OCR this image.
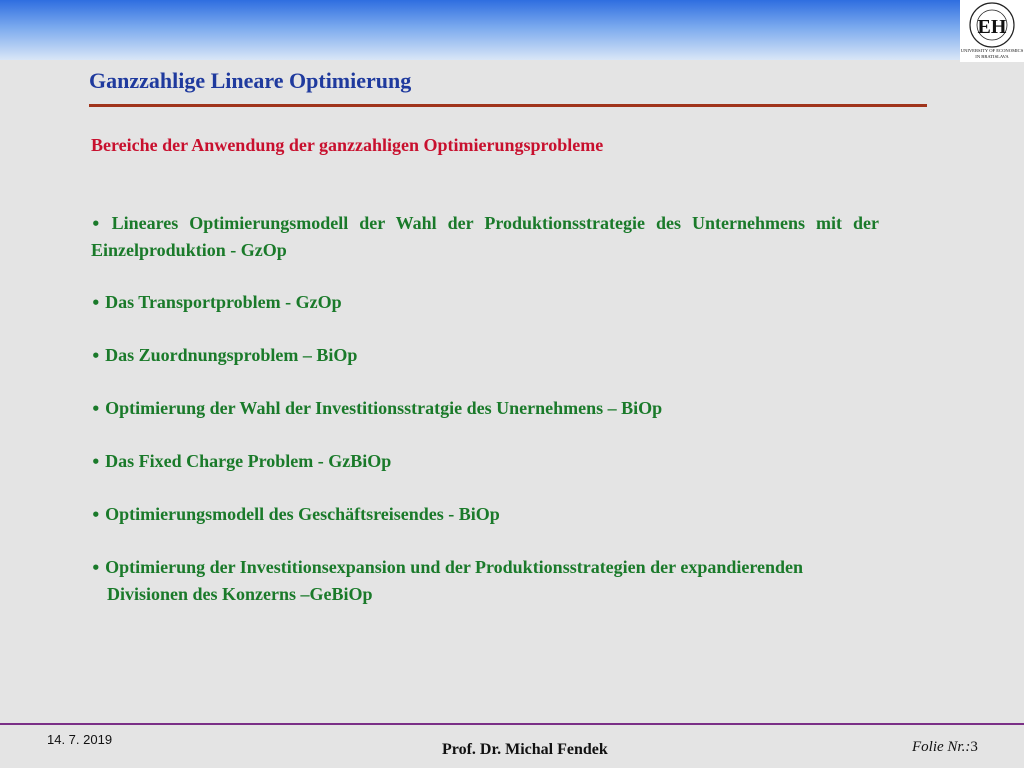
EH
UNIVERSITY OF ECONOMICS
IN BRATISLAVA
Ganzzahlige Lineare Optimierung
Bereiche der Anwendung der ganzzahligen Optimierungsprobleme
• Lineares Optimierungsmodell der Wahl der Produktionsstrategie des Unternehmens mit der Einzelproduktion - GzOp
• Das Transportproblem - GzOp
• Das Zuordnungsproblem – BiOp
• Optimierung der Wahl der Investitionsstratgie des Unernehmens – BiOp
• Das Fixed Charge Problem - GzBiOp
• Optimierungsmodell des Geschäftsreisendes - BiOp
• Optimierung der Investitionsexpansion und der Produktionsstrategien der expandierenden Divisionen des Konzerns –GeBiOp
14. 7. 2019
Prof. Dr. Michal Fendek	Folie Nr.:3
